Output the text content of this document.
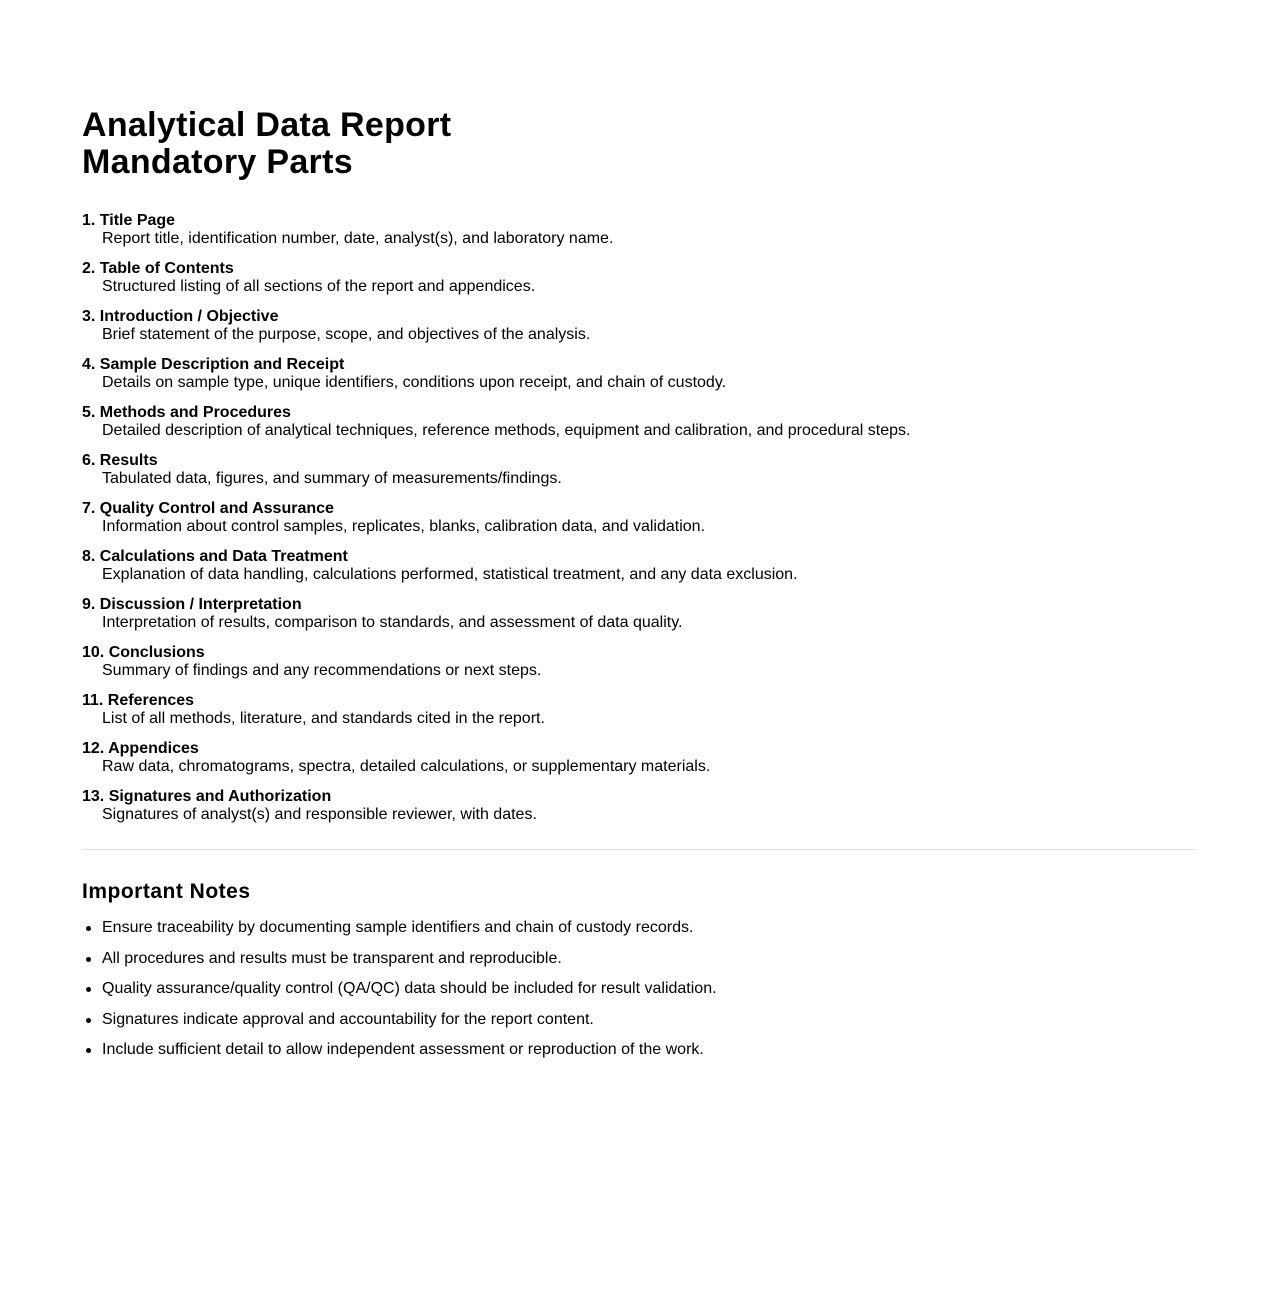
Analytical Data Report
Mandatory Parts
1. Title Page
Report title, identification number, date, analyst(s), and laboratory name.
2. Table of Contents
Structured listing of all sections of the report and appendices.
3. Introduction / Objective
Brief statement of the purpose, scope, and objectives of the analysis.
4. Sample Description and Receipt
Details on sample type, unique identifiers, conditions upon receipt, and chain of custody.
5. Methods and Procedures
Detailed description of analytical techniques, reference methods, equipment and calibration, and procedural steps.
6. Results
Tabulated data, figures, and summary of measurements/findings.
7. Quality Control and Assurance
Information about control samples, replicates, blanks, calibration data, and validation.
8. Calculations and Data Treatment
Explanation of data handling, calculations performed, statistical treatment, and any data exclusion.
9. Discussion / Interpretation
Interpretation of results, comparison to standards, and assessment of data quality.
10. Conclusions
Summary of findings and any recommendations or next steps.
11. References
List of all methods, literature, and standards cited in the report.
12. Appendices
Raw data, chromatograms, spectra, detailed calculations, or supplementary materials.
13. Signatures and Authorization
Signatures of analyst(s) and responsible reviewer, with dates.
Important Notes
Ensure traceability by documenting sample identifiers and chain of custody records.
All procedures and results must be transparent and reproducible.
Quality assurance/quality control (QA/QC) data should be included for result validation.
Signatures indicate approval and accountability for the report content.
Include sufficient detail to allow independent assessment or reproduction of the work.
